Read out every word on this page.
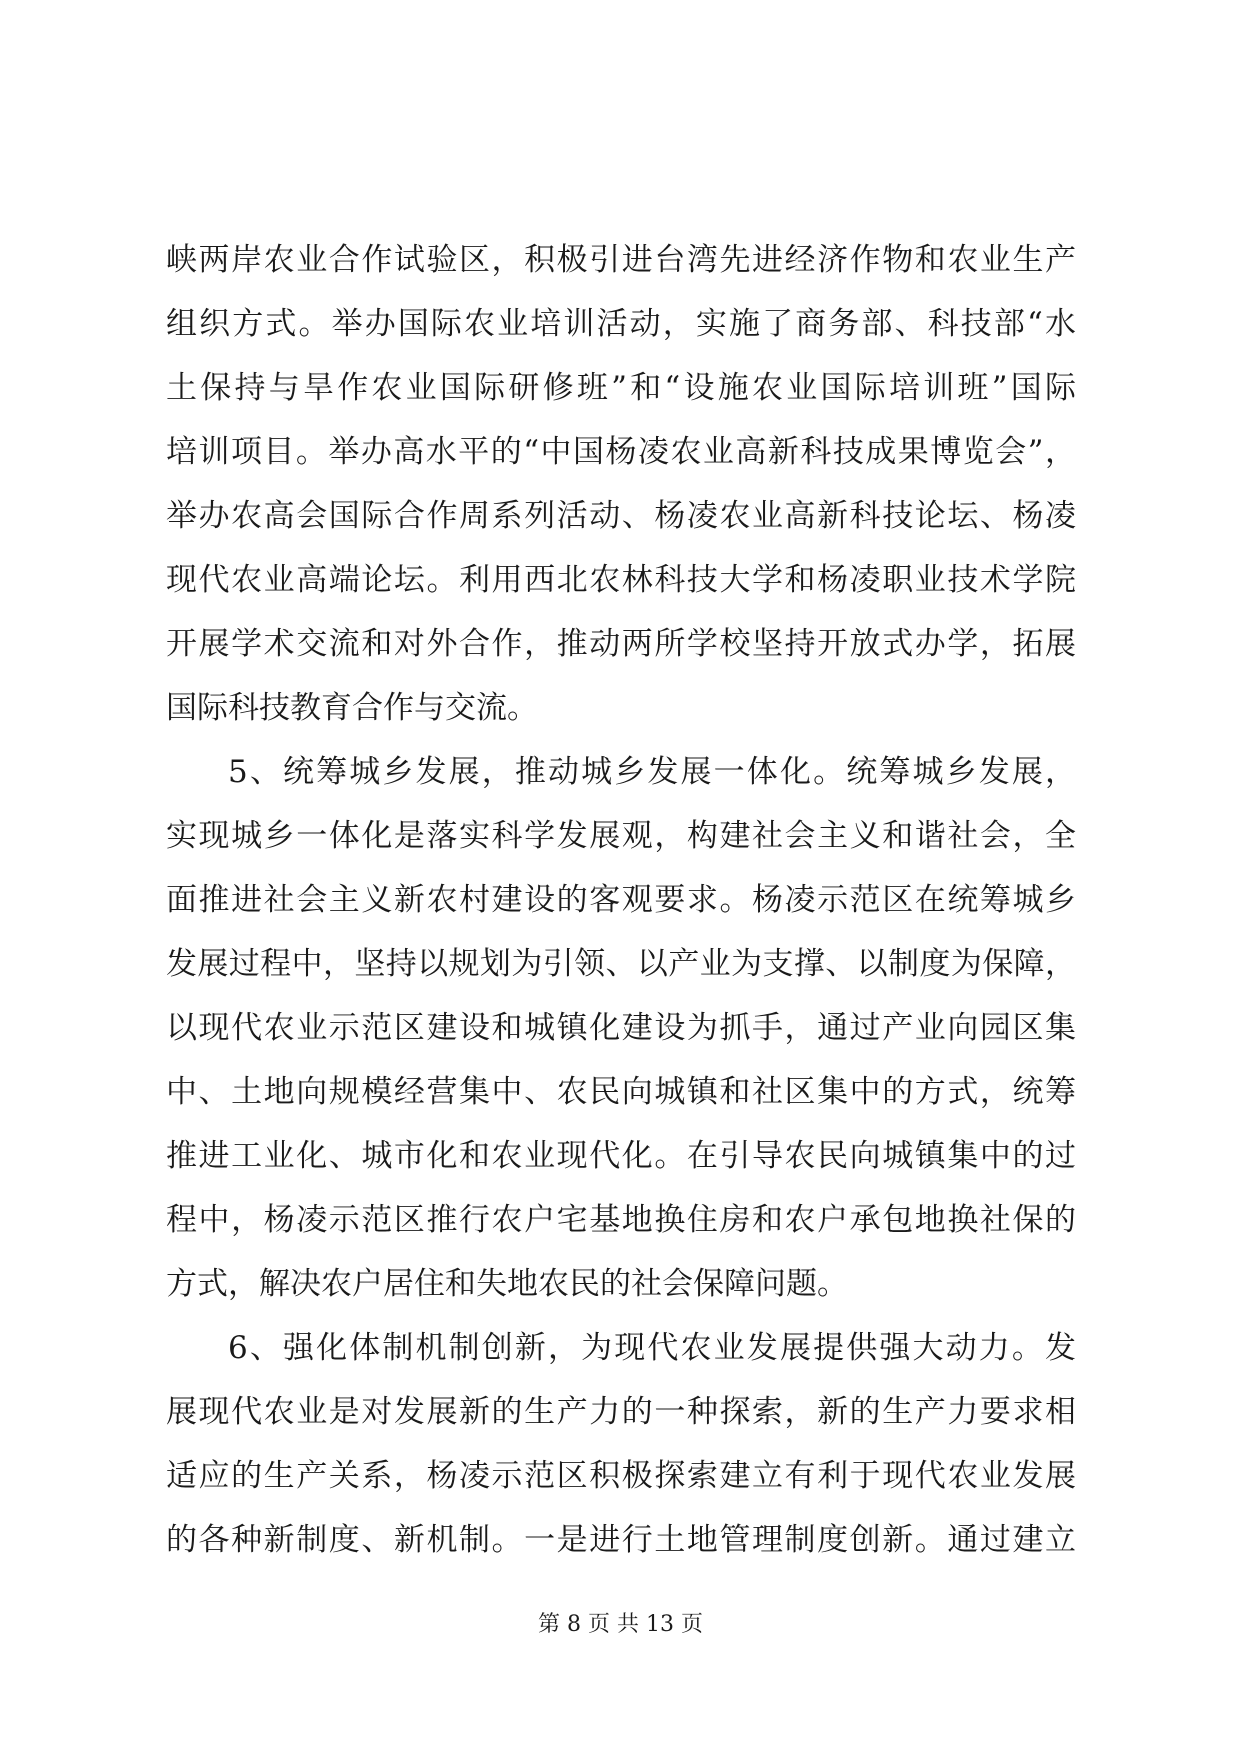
峡两岸农业合作试验区，积极引进台湾先进经济作物和农业生产
组织方式。举办国际农业培训活动，实施了商务部、科技部“水
土保持与旱作农业国际研修班”和“设施农业国际培训班”国际
培训项目。举办高水平的“中国杨凌农业高新科技成果博览会”，
举办农高会国际合作周系列活动、杨凌农业高新科技论坛、杨凌
现代农业高端论坛。利用西北农林科技大学和杨凌职业技术学院
开展学术交流和对外合作，推动两所学校坚持开放式办学，拓展
国际科技教育合作与交流。
5、统筹城乡发展，推动城乡发展一体化。统筹城乡发展，
实现城乡一体化是落实科学发展观，构建社会主义和谐社会，全
面推进社会主义新农村建设的客观要求。杨凌示范区在统筹城乡
发展过程中，坚持以规划为引领、以产业为支撑、以制度为保障，
以现代农业示范区建设和城镇化建设为抓手，通过产业向园区集
中、土地向规模经营集中、农民向城镇和社区集中的方式，统筹
推进工业化、城市化和农业现代化。在引导农民向城镇集中的过
程中，杨凌示范区推行农户宅基地换住房和农户承包地换社保的
方式，解决农户居住和失地农民的社会保障问题。
6、强化体制机制创新，为现代农业发展提供强大动力。发
展现代农业是对发展新的生产力的一种探索，新的生产力要求相
适应的生产关系，杨凌示范区积极探索建立有利于现代农业发展
的各种新制度、新机制。一是进行土地管理制度创新。通过建立
第 8 页 共 13 页
